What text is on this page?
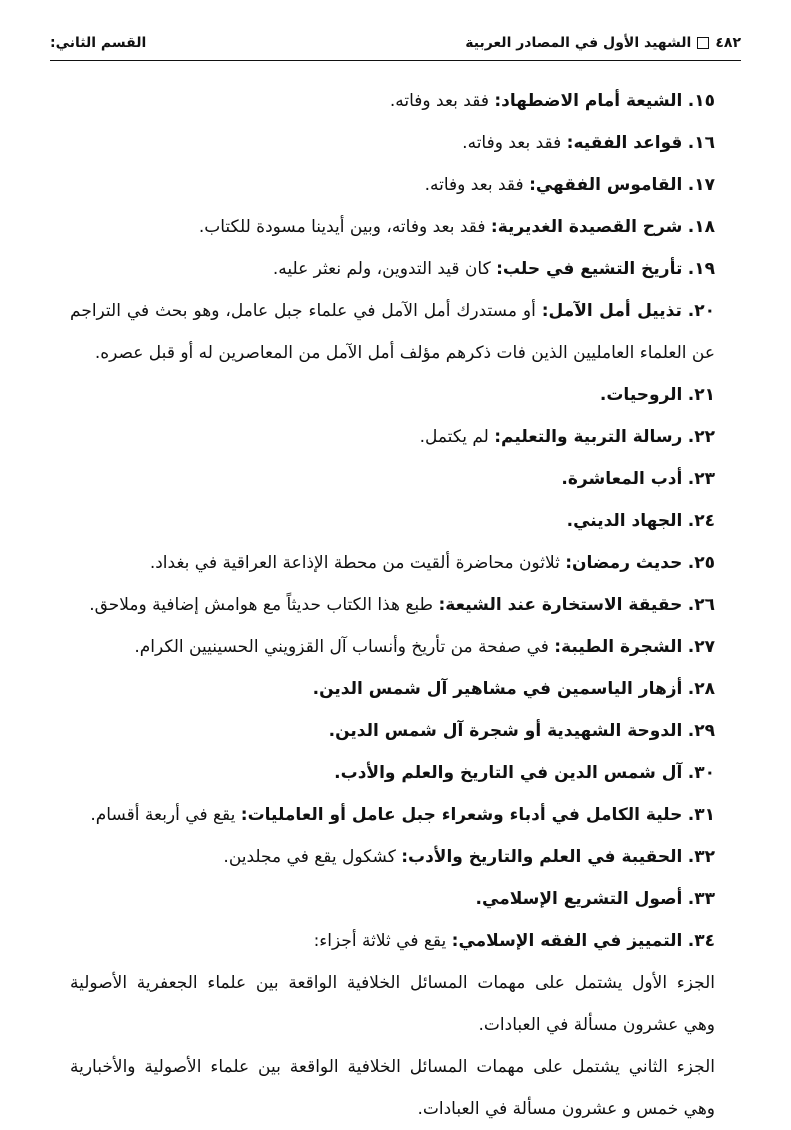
٤٨٢
الشهيد الأول في المصادر العربية
القسم الثاني:
١٥. الشيعة أمام الاضطهاد: فقد بعد وفاته.
١٦. قواعد الفقيه: فقد بعد وفاته.
١٧. القاموس الفقهي: فقد بعد وفاته.
١٨. شرح القصيدة الغديرية: فقد بعد وفاته، وبين أيدينا مسودة للكتاب.
١٩. تأريخ التشيع في حلب: كان قيد التدوين، ولم نعثر عليه.
٢٠. تذييل أمل الآمل: أو مستدرك أمل الآمل في علماء جبل عامل، وهو بحث في التراجم
عن العلماء العامليين الذين فات ذكرهم مؤلف أمل الآمل من المعاصرين له أو قبل عصره.
٢١. الروحيات.
٢٢. رسالة التربية والتعليم: لم يكتمل.
٢٣. أدب المعاشرة.
٢٤. الجهاد الديني.
٢٥. حديث رمضان: ثلاثون محاضرة ألقيت من محطة الإذاعة العراقية في بغداد.
٢٦. حقيقة الاستخارة عند الشيعة: طبع هذا الكتاب حديثاً مع هوامش إضافية وملاحق.
٢٧. الشجرة الطيبة: في صفحة من تأريخ وأنساب آل القزويني الحسينيين الكرام.
٢٨. أزهار الياسمين في مشاهير آل شمس الدين.
٢٩. الدوحة الشهيدية أو شجرة آل شمس الدين.
٣٠. آل شمس الدين في التاريخ والعلم والأدب.
٣١. حلية الكامل في أدباء وشعراء جبل عامل أو العامليات: يقع في أربعة أقسام.
٣٢. الحقيبة في العلم والتاريخ والأدب: كشكول يقع في مجلدين.
٣٣. أصول التشريع الإسلامي.
٣٤. التمييز في الفقه الإسلامي: يقع في ثلاثة أجزاء:
الجزء الأول يشتمل على مهمات المسائل الخلافية الواقعة بين علماء الجعفرية الأصولية
وهي عشرون مسألة في العبادات.
الجزء الثاني يشتمل على مهمات المسائل الخلافية الواقعة بين علماء الأصولية والأخبارية
وهي خمس و عشرون مسألة في العبادات.
